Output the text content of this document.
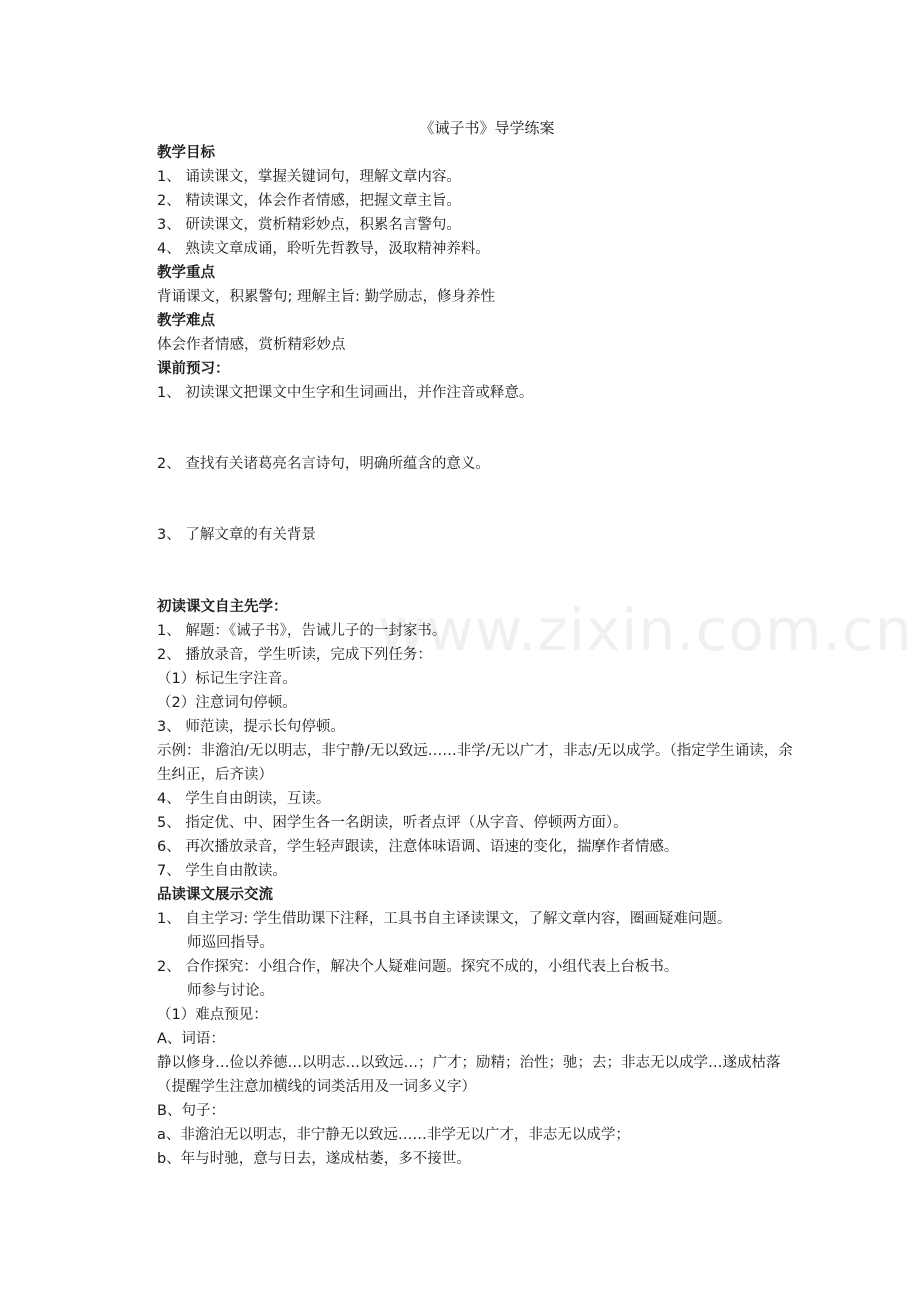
www.zixin.com.cn

《诫子书》导学练案

教学目标

1、 诵读课文，掌握关键词句，理解文章内容。

2、 精读课文，体会作者情感，把握文章主旨。

3、 研读课文，赏析精彩妙点，积累名言警句。

4、 熟读文章成诵，聆听先哲教导，汲取精神养料。

教学重点

背诵课文，积累警句; 理解主旨: 勤学励志，修身养性

教学难点

体会作者情感，赏析精彩妙点

课前预习：

1、 初读课文把课文中生字和生词画出，并作注音或释意。

2、 查找有关诸葛亮名言诗句，明确所蕴含的意义。

3、 了解文章的有关背景

初读课文自主先学：

1、 解题：《诫子书》，告诫儿子的一封家书。

2、 播放录音，学生听读，完成下列任务：

（1）标记生字注音。

（2）注意词句停顿。

3、 师范读，提示长句停顿。

示例：非澹泊/无以明志，非宁静/无以致远……非学/无以广才，非志/无以成学。（指定学生诵读，余生纠正，后齐读）

4、 学生自由朗读，互读。

5、 指定优、中、困学生各一名朗读，听者点评（从字音、停顿两方面）。

6、 再次播放录音，学生轻声跟读，注意体味语调、语速的变化，揣摩作者情感。

7、 学生自由散读。

品读课文展示交流

1、 自主学习: 学生借助课下注释，工具书自主译读课文，了解文章内容，圈画疑难问题。

师巡回指导。

2、 合作探究：小组合作，解决个人疑难问题。探究不成的，小组代表上台板书。

师参与讨论。

（1）难点预见：

A、词语：

静以修身…俭以养德…以明志…以致远…；广才；励精；治性；驰；去；非志无以成学…遂成枯落（提醒学生注意加横线的词类活用及一词多义字）

B、句子：

a、非澹泊无以明志，非宁静无以致远……非学无以广才，非志无以成学；

b、年与时驰，意与日去，遂成枯萎，多不接世。
